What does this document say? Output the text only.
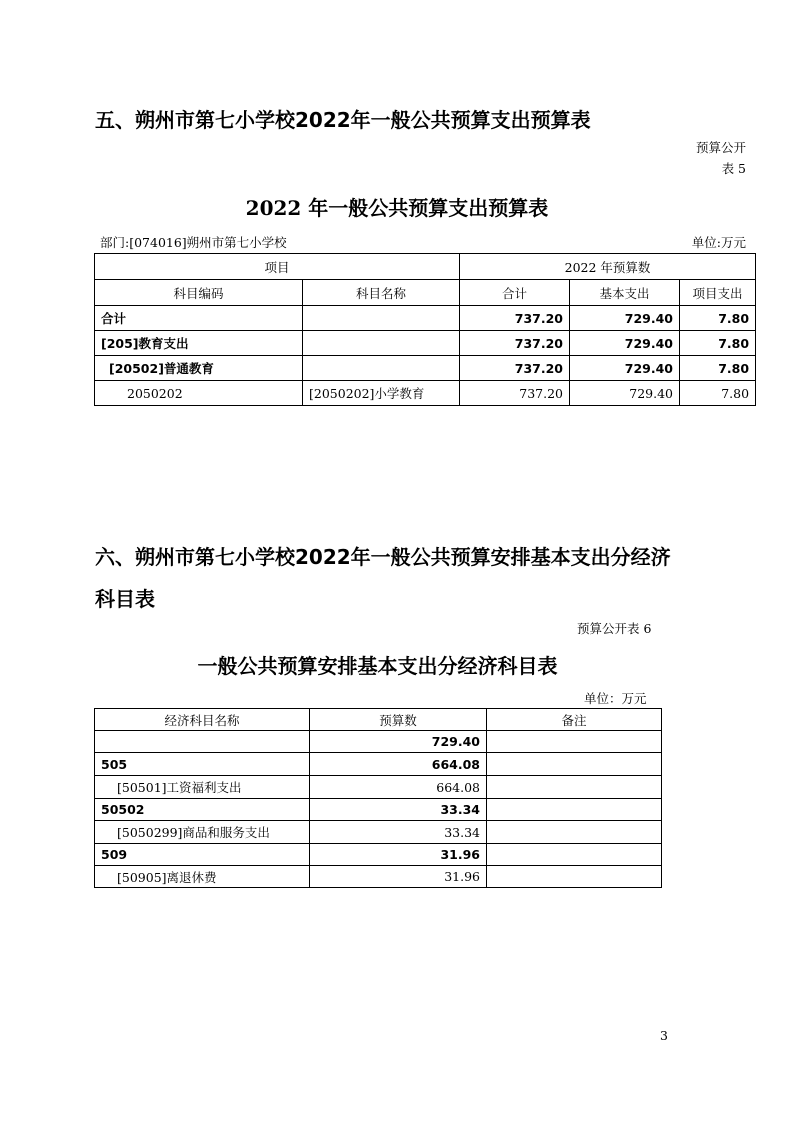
五、朔州市第七小学校2022年一般公共预算支出预算表
预算公开
表 5
2022 年一般公共预算支出预算表
部门:[074016]朔州市第七小学校	单位:万元
项目		2022 年预算数		
科目编码	科目名称	合计	基本支出	项目支出
合计		737.20	729.40	7.80
[205]教育支出		737.20	729.40	7.80
[20502]普通教育		737.20	729.40	7.80
2050202	[2050202]小学教育	737.20	729.40	7.80
六、朔州市第七小学校2022年一般公共预算安排基本支出分经济
科目表
预算公开表 6
一般公共预算安排基本支出分经济科目表
单位：万元
经济科目名称	预算数	备注
	729.40	
505	664.08	
[50501]工资福利支出	664.08	
50502	33.34	
[5050299]商品和服务支出	33.34	
509	31.96	
[50905]离退休费	31.96	
3
